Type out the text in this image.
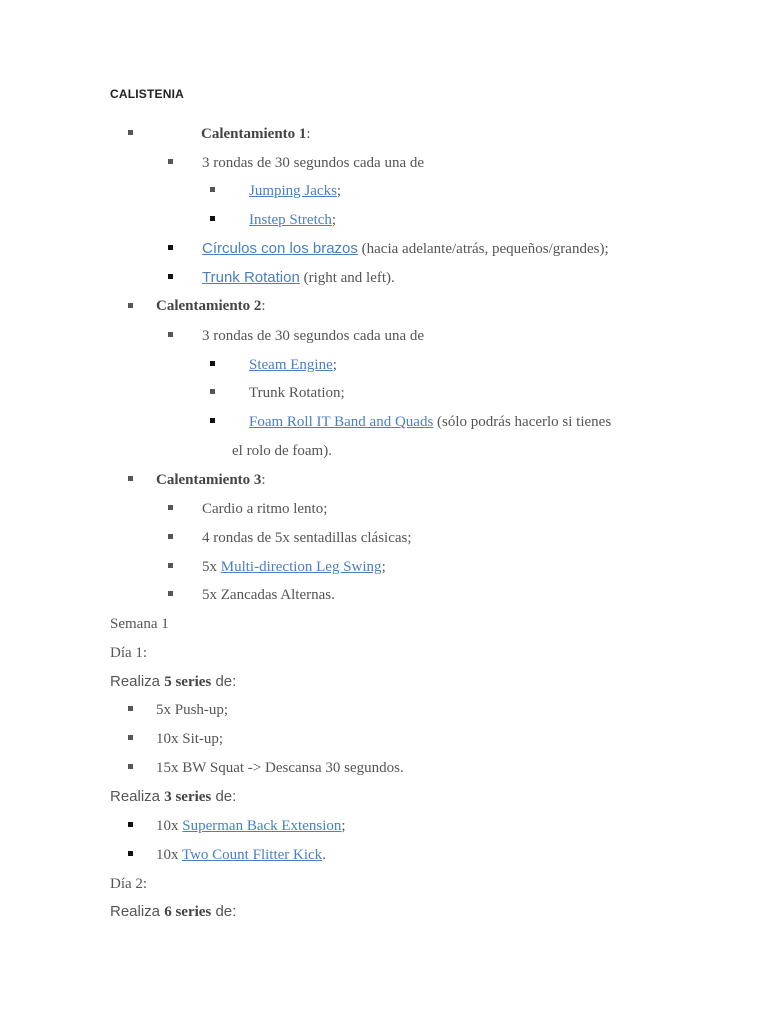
CALISTENIA
Calentamiento 1:
3 rondas de 30 segundos cada una de
Jumping Jacks;
Instep Stretch;
Círculos con los brazos (hacia adelante/atrás, pequeños/grandes);
Trunk Rotation (right and left).
Calentamiento 2:
3 rondas de 30 segundos cada una de
Steam Engine;
Trunk Rotation;
Foam Roll IT Band and Quads (sólo podrás hacerlo si tienes
el rolo de foam).
Calentamiento 3:
Cardio a ritmo lento;
4 rondas de 5x sentadillas clásicas;
5x Multi-direction Leg Swing;
5x Zancadas Alternas.
Semana 1
Día 1:
Realiza 5 series de:
5x Push-up;
10x Sit-up;
15x BW Squat -> Descansa 30 segundos.
Realiza 3 series de:
10x Superman Back Extension;
10x Two Count Flitter Kick.
Día 2:
Realiza 6 series de:
